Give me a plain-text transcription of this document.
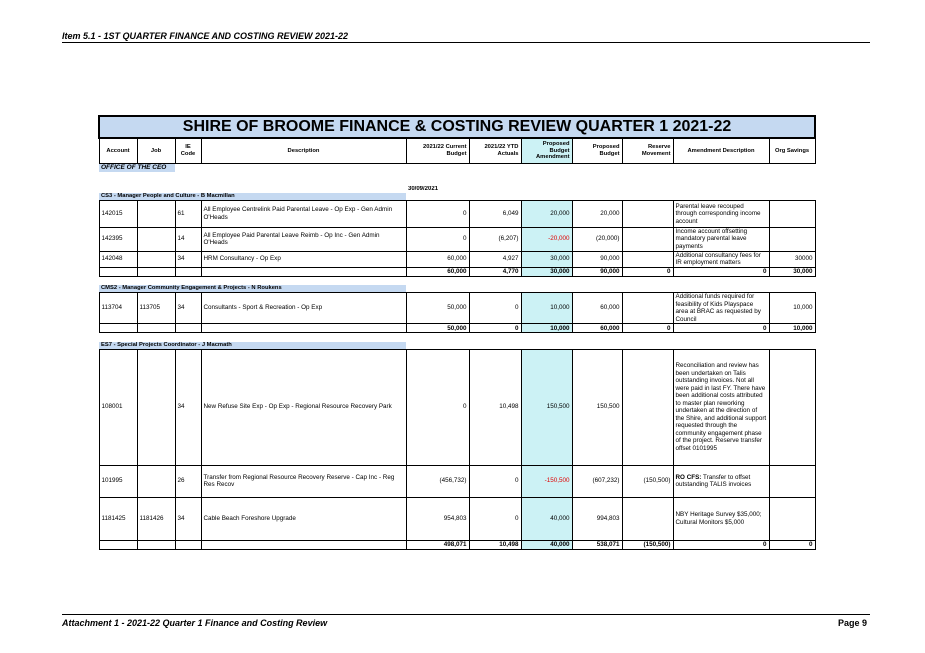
Item 5.1 - 1ST QUARTER FINANCE AND COSTING REVIEW 2021-22
SHIRE OF BROOME FINANCE & COSTING REVIEW QUARTER 1 2021-22										
Account	Job	IE Code	Description	2021/22 Current Budget	2021/22 YTD Actuals	Proposed Budget Amendment	Proposed Budget	Reserve Movement	Amendment Description	Org Savings
OFFICE OF THE CEO										

				30/09/2021						
CS3 - Manager People and Culture - B Macmillan										
142015		61	All Employee Centrelink Paid Parental Leave - Op Exp - Gen Admin O'Heads	0	6,049	20,000	20,000		Parental leave recouped through corresponding income account	
142395		14	All Employee Paid Parental Leave Reimb - Op Inc - Gen Admin O'Heads	0	(6,207)	-20,000	(20,000)		Income account offsetting mandatory parental leave payments	
142048		34	HRM Consultancy - Op Exp	60,000	4,927	30,000	90,000		Additional consultancy fees for IR employment matters	30000
				60,000	4,770	30,000	90,000	0	0	30,000

CMS2 - Manager Community Engagement & Projects - N Roukens										
113704	113705	34	Consultants - Sport & Recreation - Op Exp	50,000	0	10,000	60,000		Additional funds required for feasibility of Kids Playspace area at BRAC as requested by Council	10,000
				50,000	0	10,000	60,000	0	0	10,000

ES7 - Special Projects Coordinator - J Macmath										
108001		34	New Refuse Site Exp - Op Exp - Regional Resource Recovery Park	0	10,498	150,500	150,500		Reconciliation and review has been undertaken on Talis outstanding invoices. Not all were paid in last FY. There have been additional costs attributed to master plan reworking undertaken at the direction of the Shire, and additional support requested through the community engagement phase of the project. Reserve transfer offset 0101995	
101995		26	Transfer from Regional Resource Recovery Reserve - Cap Inc - Reg Res Recov	(456,732)	0	-150,500	(607,232)	(150,500)	RO CFS: Transfer to offset outstanding TALIS invoices	
1181425	1181426	34	Cable Beach Foreshore Upgrade	954,803	0	40,000	994,803		NBY Heritage Survey $35,000; Cultural Monitors $5,000	
				498,071	10,498	40,000	538,071	(150,500)	0	0
Attachment 1 - 2021-22 Quarter 1 Finance and Costing Review	Page 9
